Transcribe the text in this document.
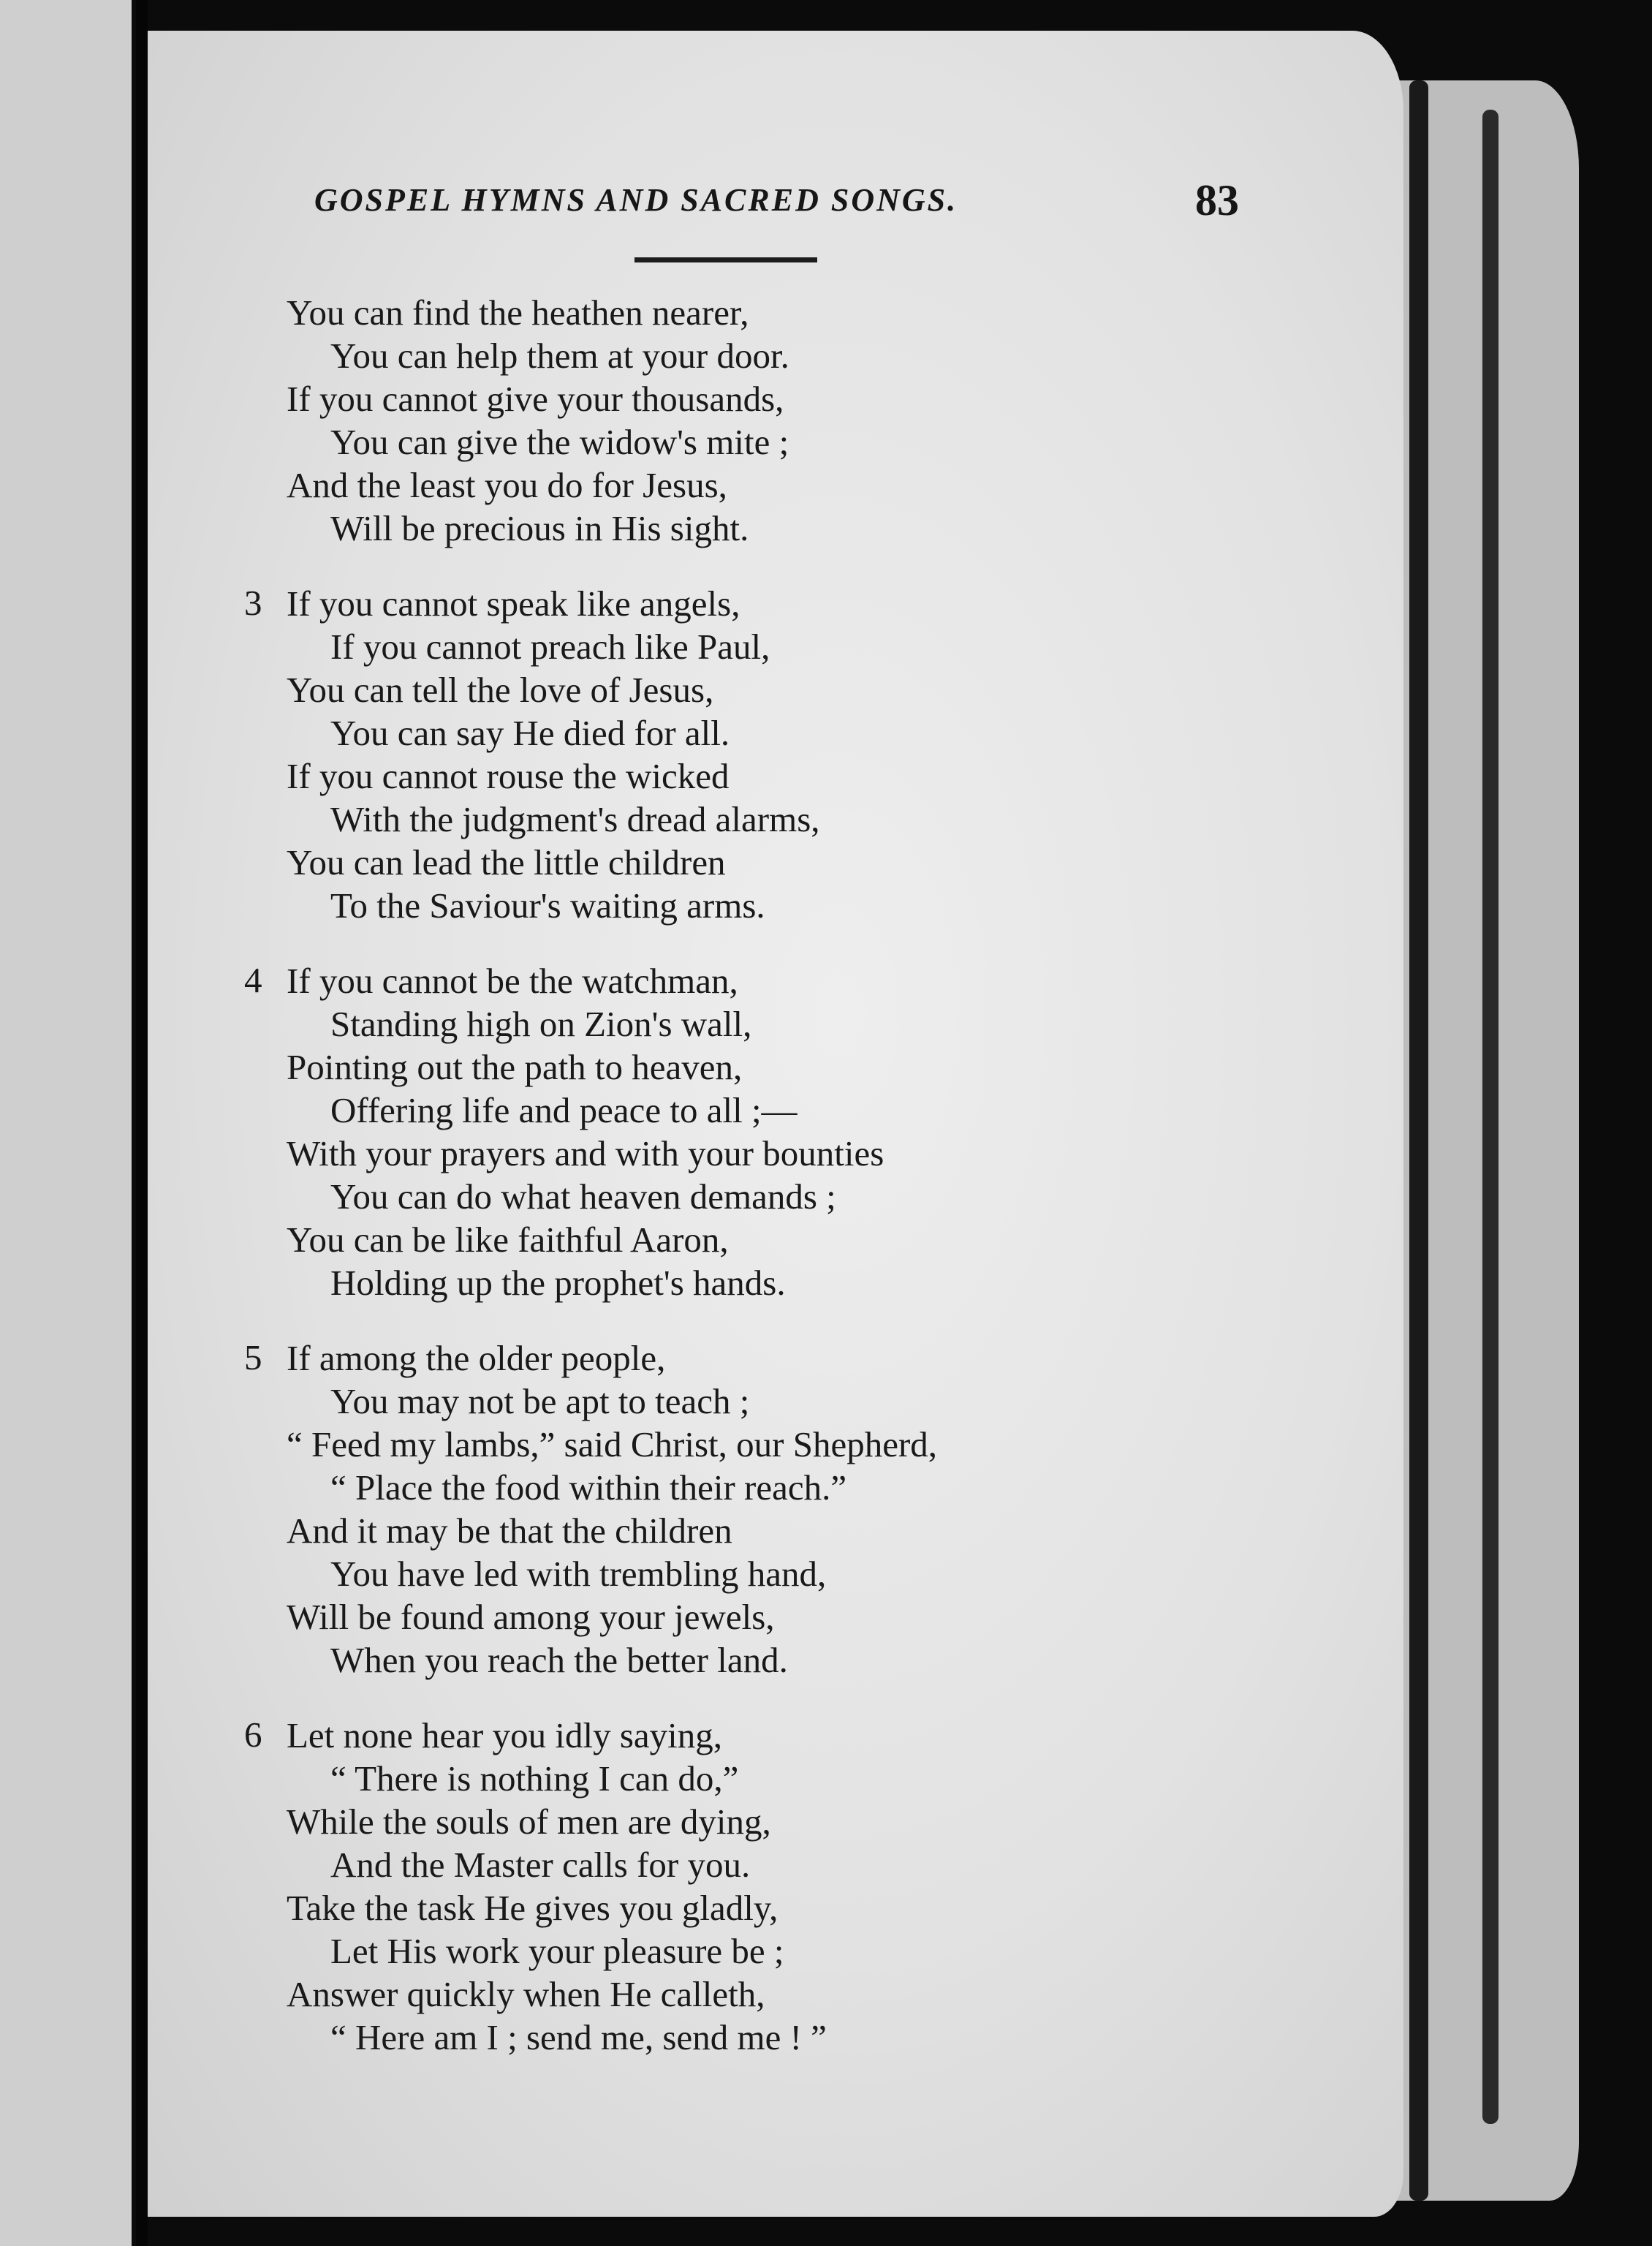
GOSPEL HYMNS AND SACRED SONGS.	83
You can find the heathen nearer,
You can help them at your door.
If you cannot give your thousands,
You can give the widow's mite ;
And the least you do for Jesus,
Will be precious in His sight.
3 If you cannot speak like angels,
If you cannot preach like Paul,
You can tell the love of Jesus,
You can say He died for all.
If you cannot rouse the wicked
With the judgment's dread alarms,
You can lead the little children
To the Saviour's waiting arms.
4 If you cannot be the watchman,
Standing high on Zion's wall,
Pointing out the path to heaven,
Offering life and peace to all ;—
With your prayers and with your bounties
You can do what heaven demands ;
You can be like faithful Aaron,
Holding up the prophet's hands.
5 If among the older people,
You may not be apt to teach ;
“ Feed my lambs,” said Christ, our Shepherd,
“ Place the food within their reach.”
And it may be that the children
You have led with trembling hand,
Will be found among your jewels,
When you reach the better land.
6 Let none hear you idly saying,
“ There is nothing I can do,”
While the souls of men are dying,
And the Master calls for you.
Take the task He gives you gladly,
Let His work your pleasure be ;
Answer quickly when He calleth,
“ Here am I ; send me, send me ! ”
